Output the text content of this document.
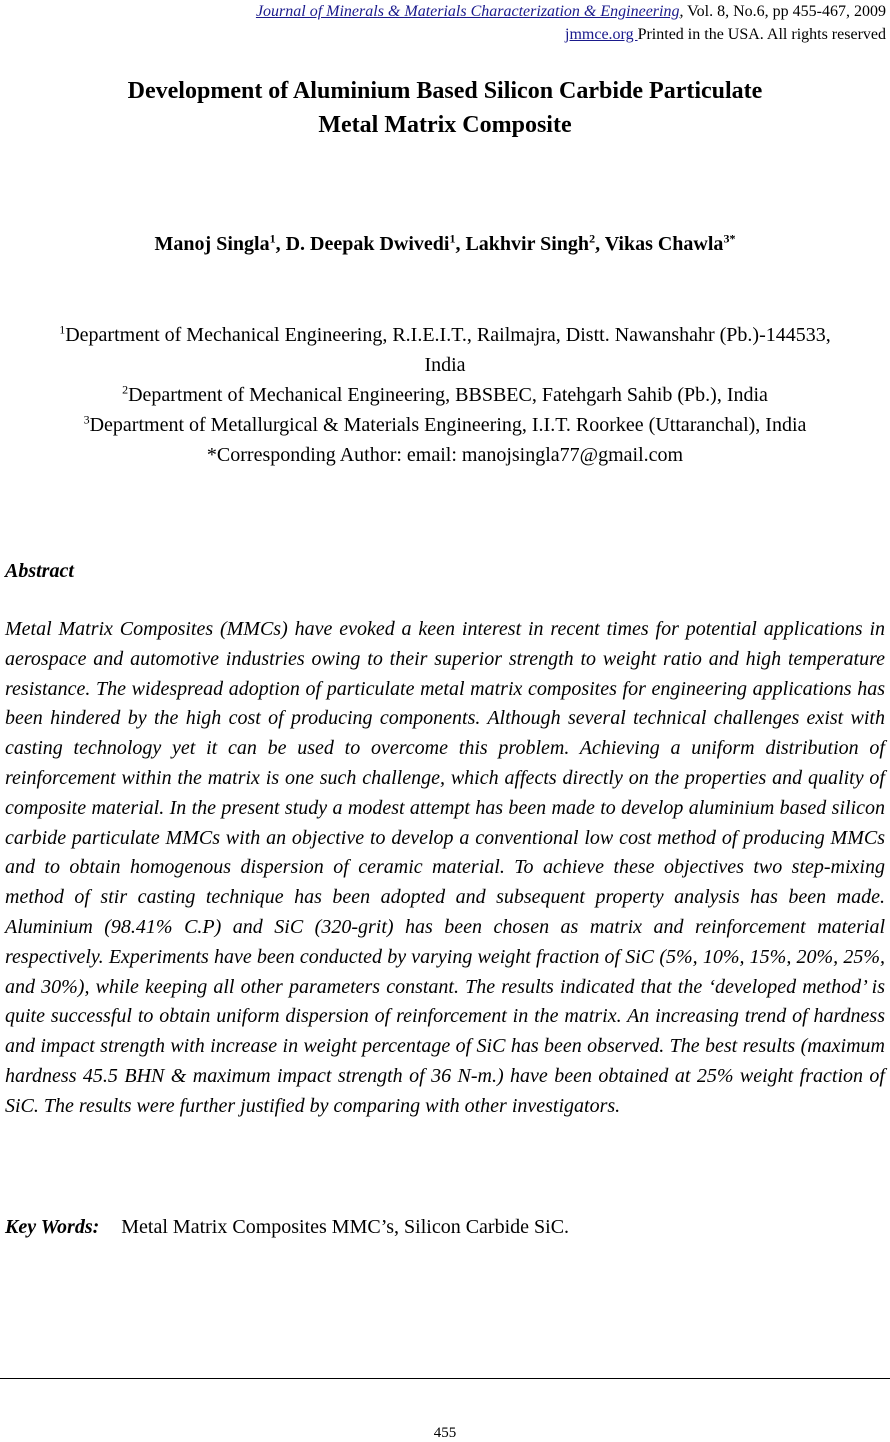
Journal of Minerals & Materials Characterization & Engineering, Vol. 8, No.6, pp 455-467, 2009
jmmce.org Printed in the USA. All rights reserved
Development of Aluminium Based Silicon Carbide Particulate
Metal Matrix Composite
Manoj Singla$^1$, D. Deepak Dwivedi$^1$, Lakhvir Singh$^2$, Vikas Chawla$^{3*}$

$^1$Department of Mechanical Engineering, R.I.E.I.T., Railmajra, Distt. Nawanshahr (Pb.)-144533,

India

$^2$Department of Mechanical Engineering, BBSBEC, Fatehgarh Sahib (Pb.), India

$^3$Department of Metallurgical & Materials Engineering, I.I.T. Roorkee (Uttaranchal), India

*Corresponding Author: email: manojsingla77@gmail.com

Abstract

Metal Matrix Composites (MMCs) have evoked a keen interest in recent times for potential applications in aerospace and automotive industries owing to their superior strength to weight ratio and high temperature resistance. The widespread adoption of particulate metal matrix composites for engineering applications has been hindered by the high cost of producing components. Although several technical challenges exist with casting technology yet it can be used to overcome this problem. Achieving a uniform distribution of reinforcement within the matrix is one such challenge, which affects directly on the properties and quality of composite material. In the present study a modest attempt has been made to develop aluminium based silicon carbide particulate MMCs with an objective to develop a conventional low cost method of producing MMCs and to obtain homogenous dispersion of ceramic material. To achieve these objectives two step-mixing method of stir casting technique has been adopted and subsequent property analysis has been made. Aluminium (98.41% C.P) and SiC (320-grit) has been chosen as matrix and reinforcement material respectively. Experiments have been conducted by varying weight fraction of SiC (5%, 10%, 15%, 20%, 25%, and 30%), while keeping all other parameters constant. The results indicated that the ‘developed method’ is quite successful to obtain uniform dispersion of reinforcement in the matrix. An increasing trend of hardness and impact strength with increase in weight percentage of SiC has been observed. The best results (maximum hardness 45.5 BHN & maximum impact strength of 36 N-m.) have been obtained at 25% weight fraction of SiC. The results were further justified by comparing with other investigators.

Key Words: Metal Matrix Composites MMC’s, Silicon Carbide SiC.
455
